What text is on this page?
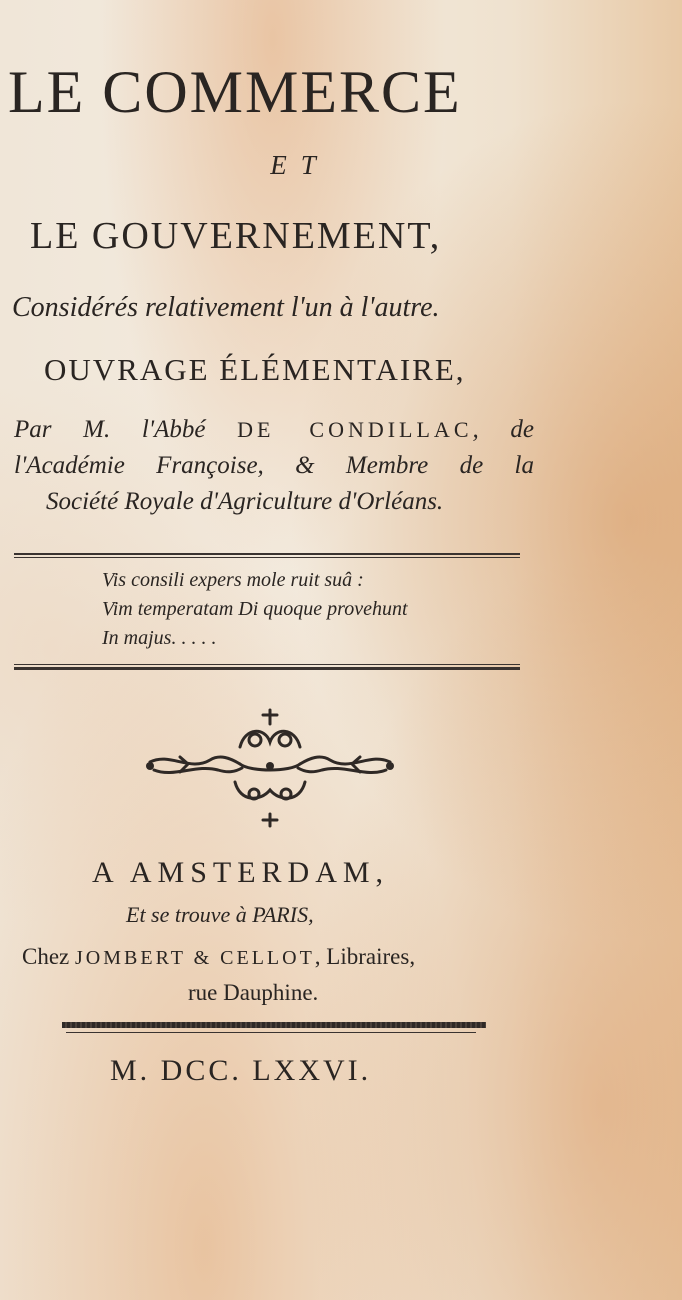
LE COMMERCE
ET
LE GOUVERNEMENT,
Considérés relativement l'un à l'autre.
OUVRAGE ÉLÉMENTAIRE,
Par M. l'Abbé DE CONDILLAC, de
l'Académie Françoise, & Membre de la
Société Royale d'Agriculture d'Orléans.
Vis consili expers mole ruit suâ :
Vim temperatam Di quoque provehunt
In majus. . . . .
A AMSTERDAM,
Et se trouve à PARIS,
Chez JOMBERT & CELLOT, Libraires,
rue Dauphine.
M. DCC. LXXVI.
